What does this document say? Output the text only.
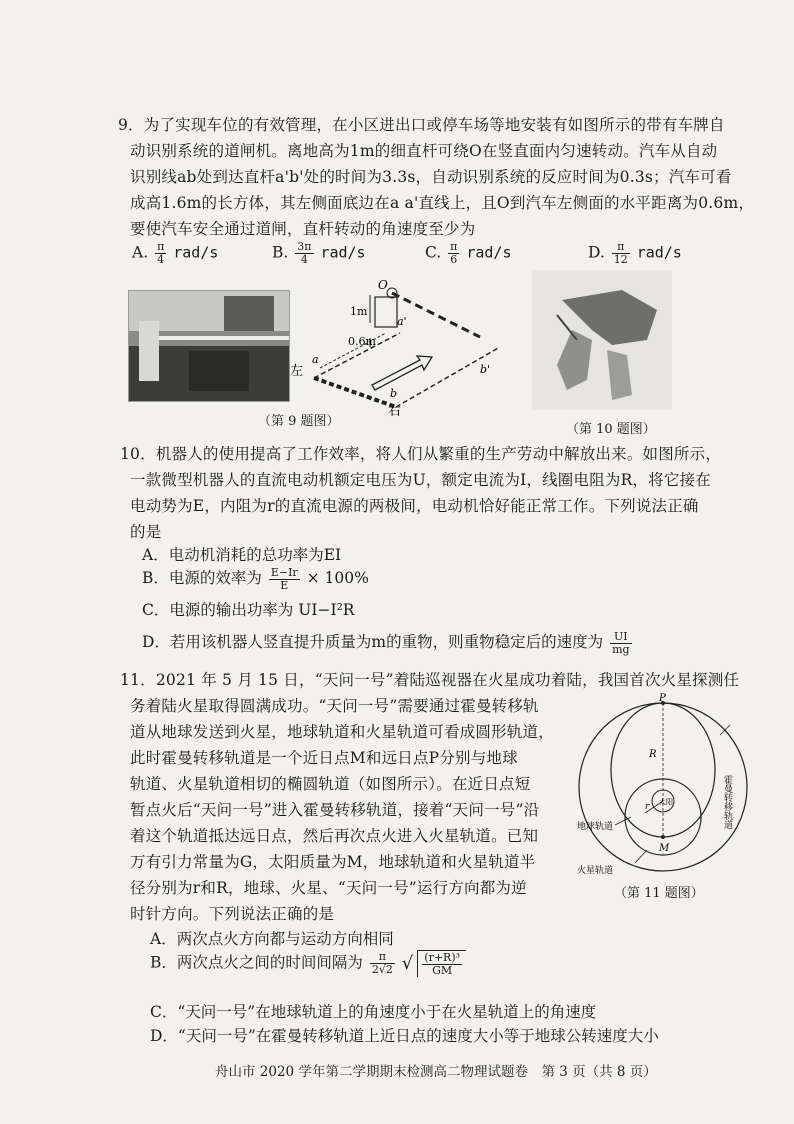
9．为了实现车位的有效管理，在小区进出口或停车场等地安装有如图所示的带有车牌自
动识别系统的道闸机。离地高为1m的细直杆可绕O在竖直面内匀速转动。汽车从自动
识别线ab处到达直杆a'b'处的时间为3.3s，自动识别系统的反应时间为0.3s；汽车可看
成高1.6m的长方体，其左侧面底边在a a'直线上，且O到汽车左侧面的水平距离为0.6m，
要使汽车安全通过道闸，直杆转动的角速度至少为
A. $\frac{\pi}{4} rad/s$	B. $\frac{3\pi}{4} rad/s$	C. $\frac{\pi}{6} rad/s$	D. $\frac{\pi}{12} rad/s$
O
1m
0.6m
a'
a
b'
b
左
右
（第 9 题图）
（第 10 题图）
10．机器人的使用提高了工作效率，将人们从繁重的生产劳动中解放出来。如图所示，
一款微型机器人的直流电动机额定电压为U，额定电流为I，线圈电阻为R，将它接在
电动势为E，内阻为r的直流电源的两极间，电动机恰好能正常工作。下列说法正确
的是
A．电动机消耗的总功率为EI
B．电源的效率为 $\frac{E-Ir}{E} \times 100\%$
C．电源的输出功率为 UI−I²R
D．若用该机器人竖直提升质量为m的重物，则重物稳定后的速度为 $\frac{UI}{mg}$
11．2021 年 5 月 15 日，“天问一号”着陆巡视器在火星成功着陆，我国首次火星探测任
务着陆火星取得圆满成功。“天问一号”需要通过霍曼转移轨
道从地球发送到火星，地球轨道和火星轨道可看成圆形轨道，
此时霍曼转移轨道是一个近日点M和远日点P分别与地球
轨道、火星轨道相切的椭圆轨道（如图所示）。在近日点短
暂点火后“天问一号”进入霍曼转移轨道，接着“天问一号”沿
着这个轨道抵达远日点，然后再次点火进入火星轨道。已知
万有引力常量为G，太阳质量为M，地球轨道和火星轨道半
径分别为r和R，地球、火星、“天问一号”运行方向都为逆
时针方向。下列说法正确的是
A．两次点火方向都与运动方向相同
B．两次点火之间的时间间隔为 $\frac{\pi}{2√2}$ √ $\frac{\text{(r+R)³}}{GM}$
C．“天问一号”在地球轨道上的角速度小于在火星轨道上的角速度
D．“天问一号”在霍曼转移轨道上近日点的速度大小等于地球公转速度大小
P
M
R
r 太阳
地球轨道
火星轨道
霍曼转移轨道
（第 11 题图）
舟山市 2020 学年第二学期期末检测高二物理试题卷　第 3 页（共 8 页）
